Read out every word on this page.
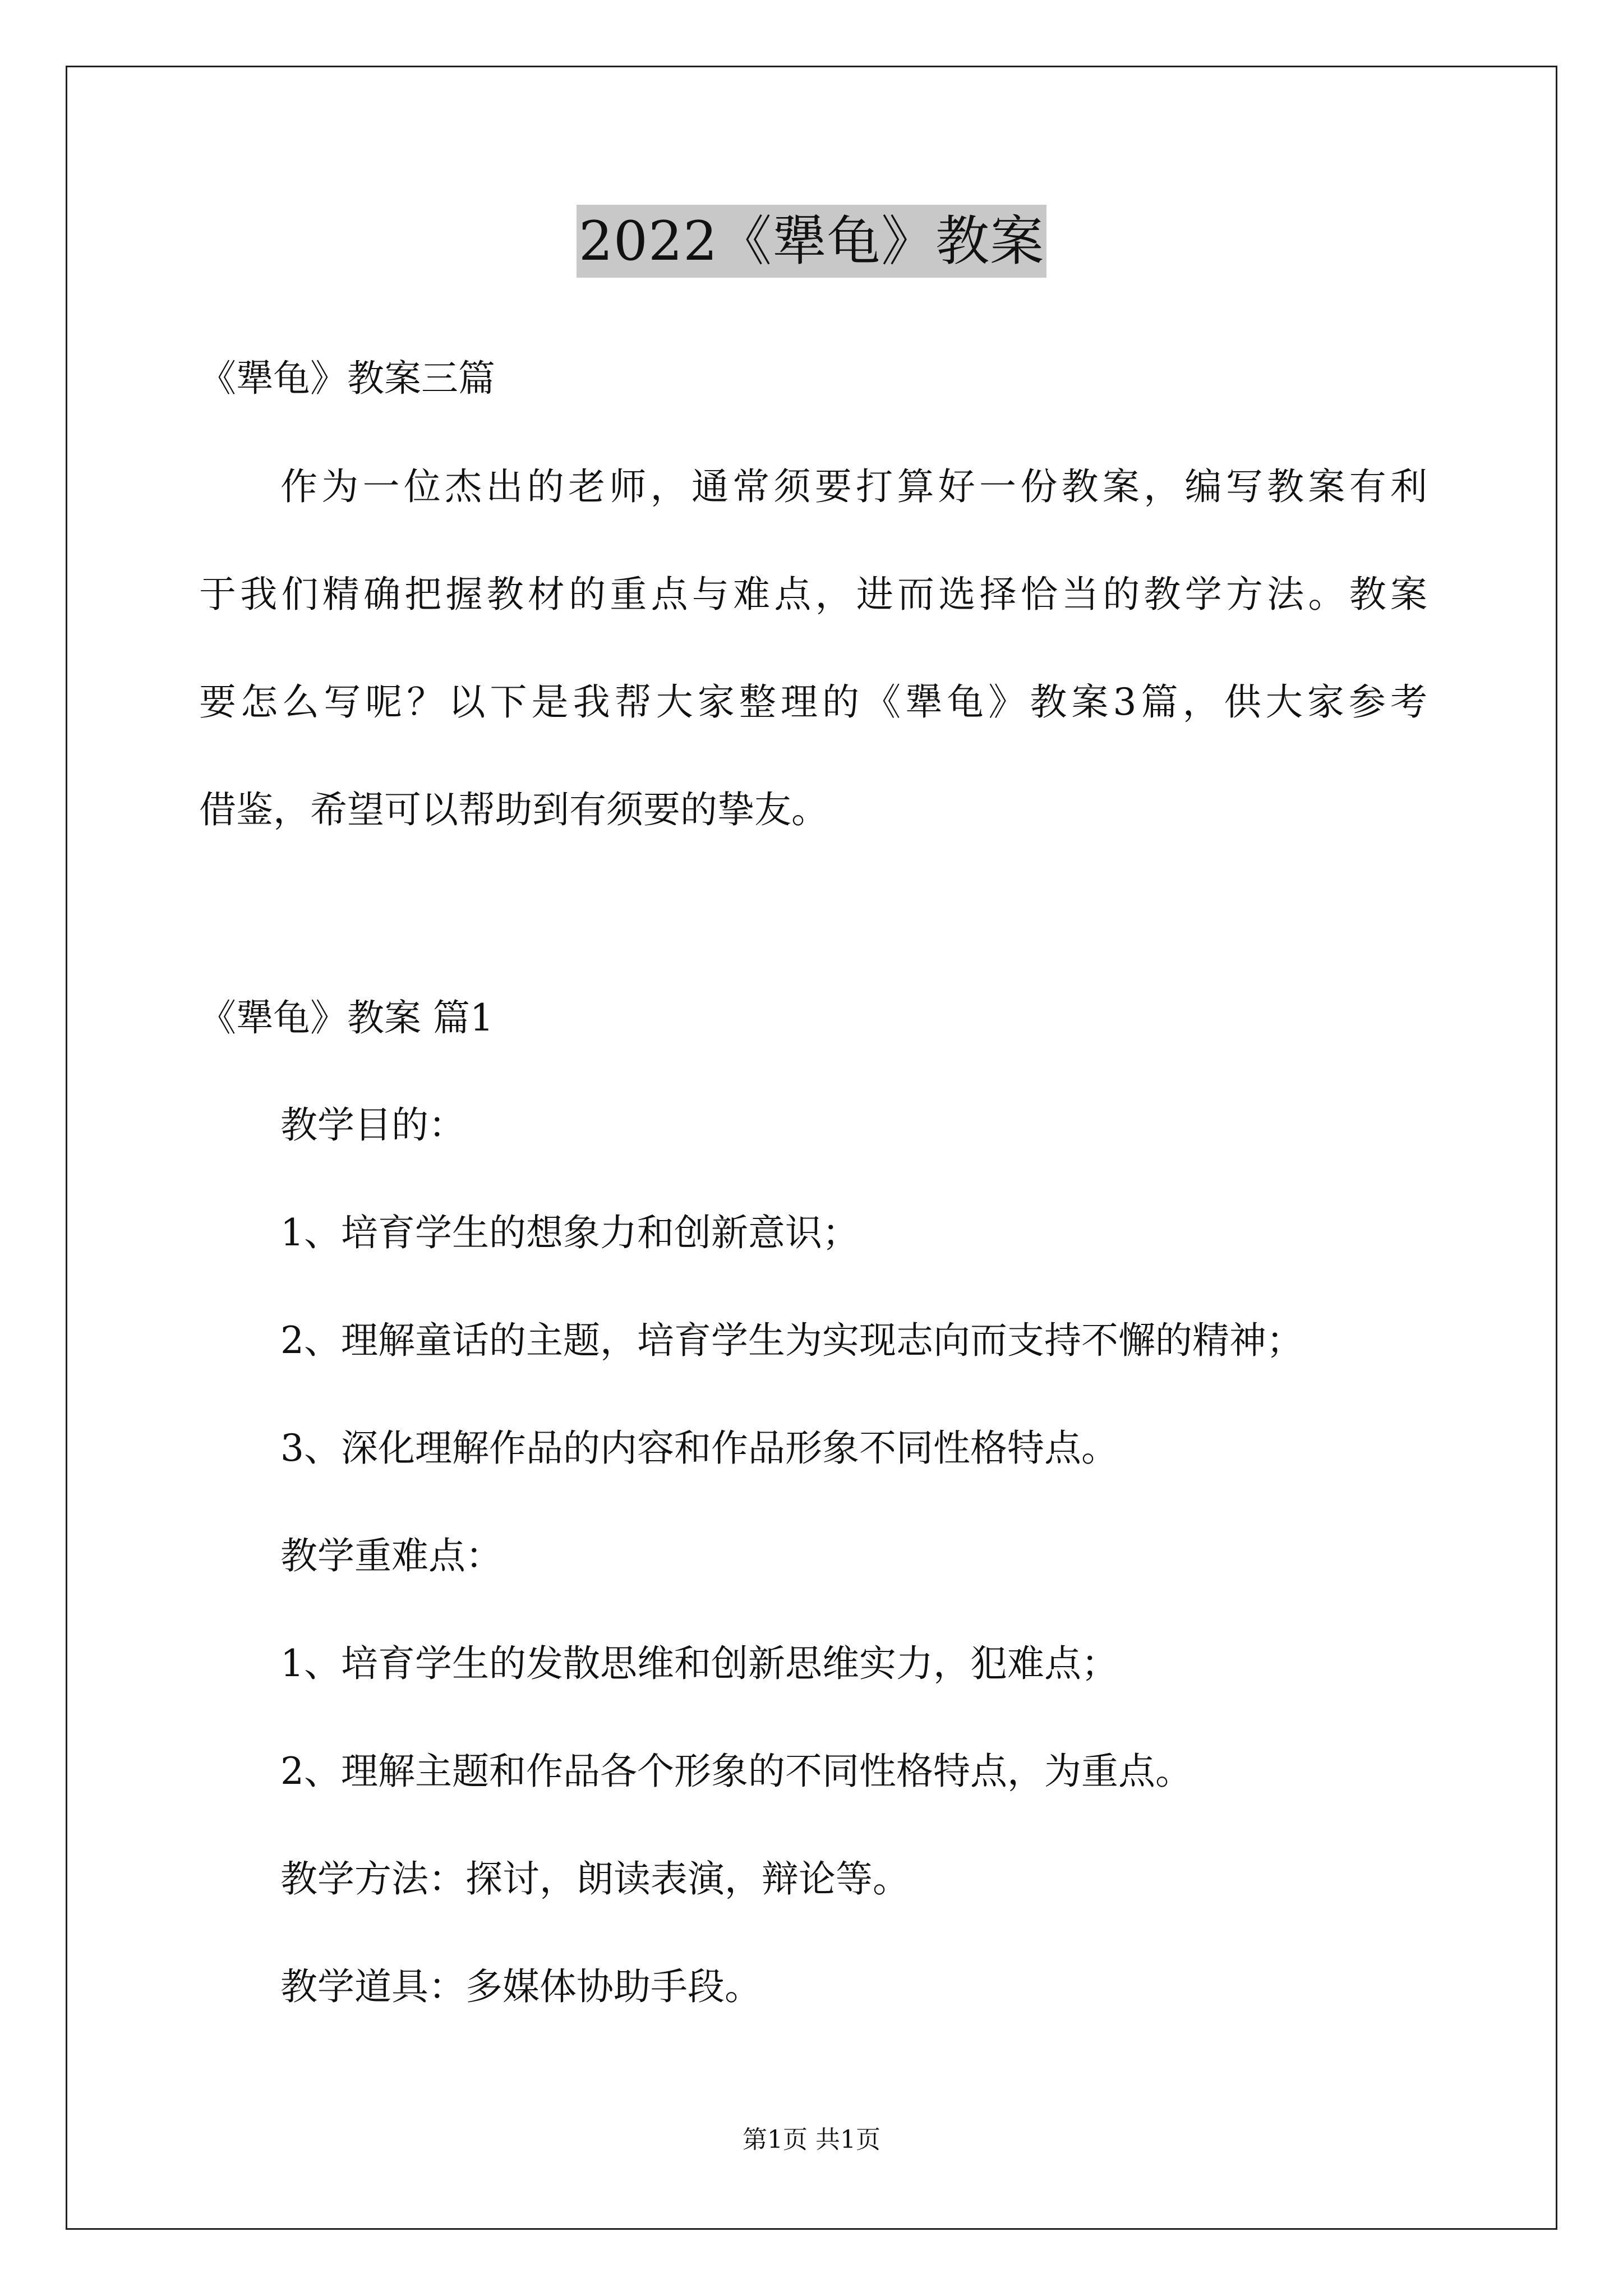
2022《犟龟》教案
《犟龟》教案三篇
作为一位杰出的老师，通常须要打算好一份教案，编写教案有利
于我们精确把握教材的重点与难点，进而选择恰当的教学方法。教案
要怎么写呢？以下是我帮大家整理的《犟龟》教案3篇，供大家参考
借鉴，希望可以帮助到有须要的挚友。
《犟龟》教案 篇1
教学目的：
1、培育学生的想象力和创新意识；
2、理解童话的主题，培育学生为实现志向而支持不懈的精神；
3、深化理解作品的内容和作品形象不同性格特点。
教学重难点：
1、培育学生的发散思维和创新思维实力，犯难点；
2、理解主题和作品各个形象的不同性格特点，为重点。
教学方法：探讨，朗读表演，辩论等。
教学道具：多媒体协助手段。
第1页 共1页
